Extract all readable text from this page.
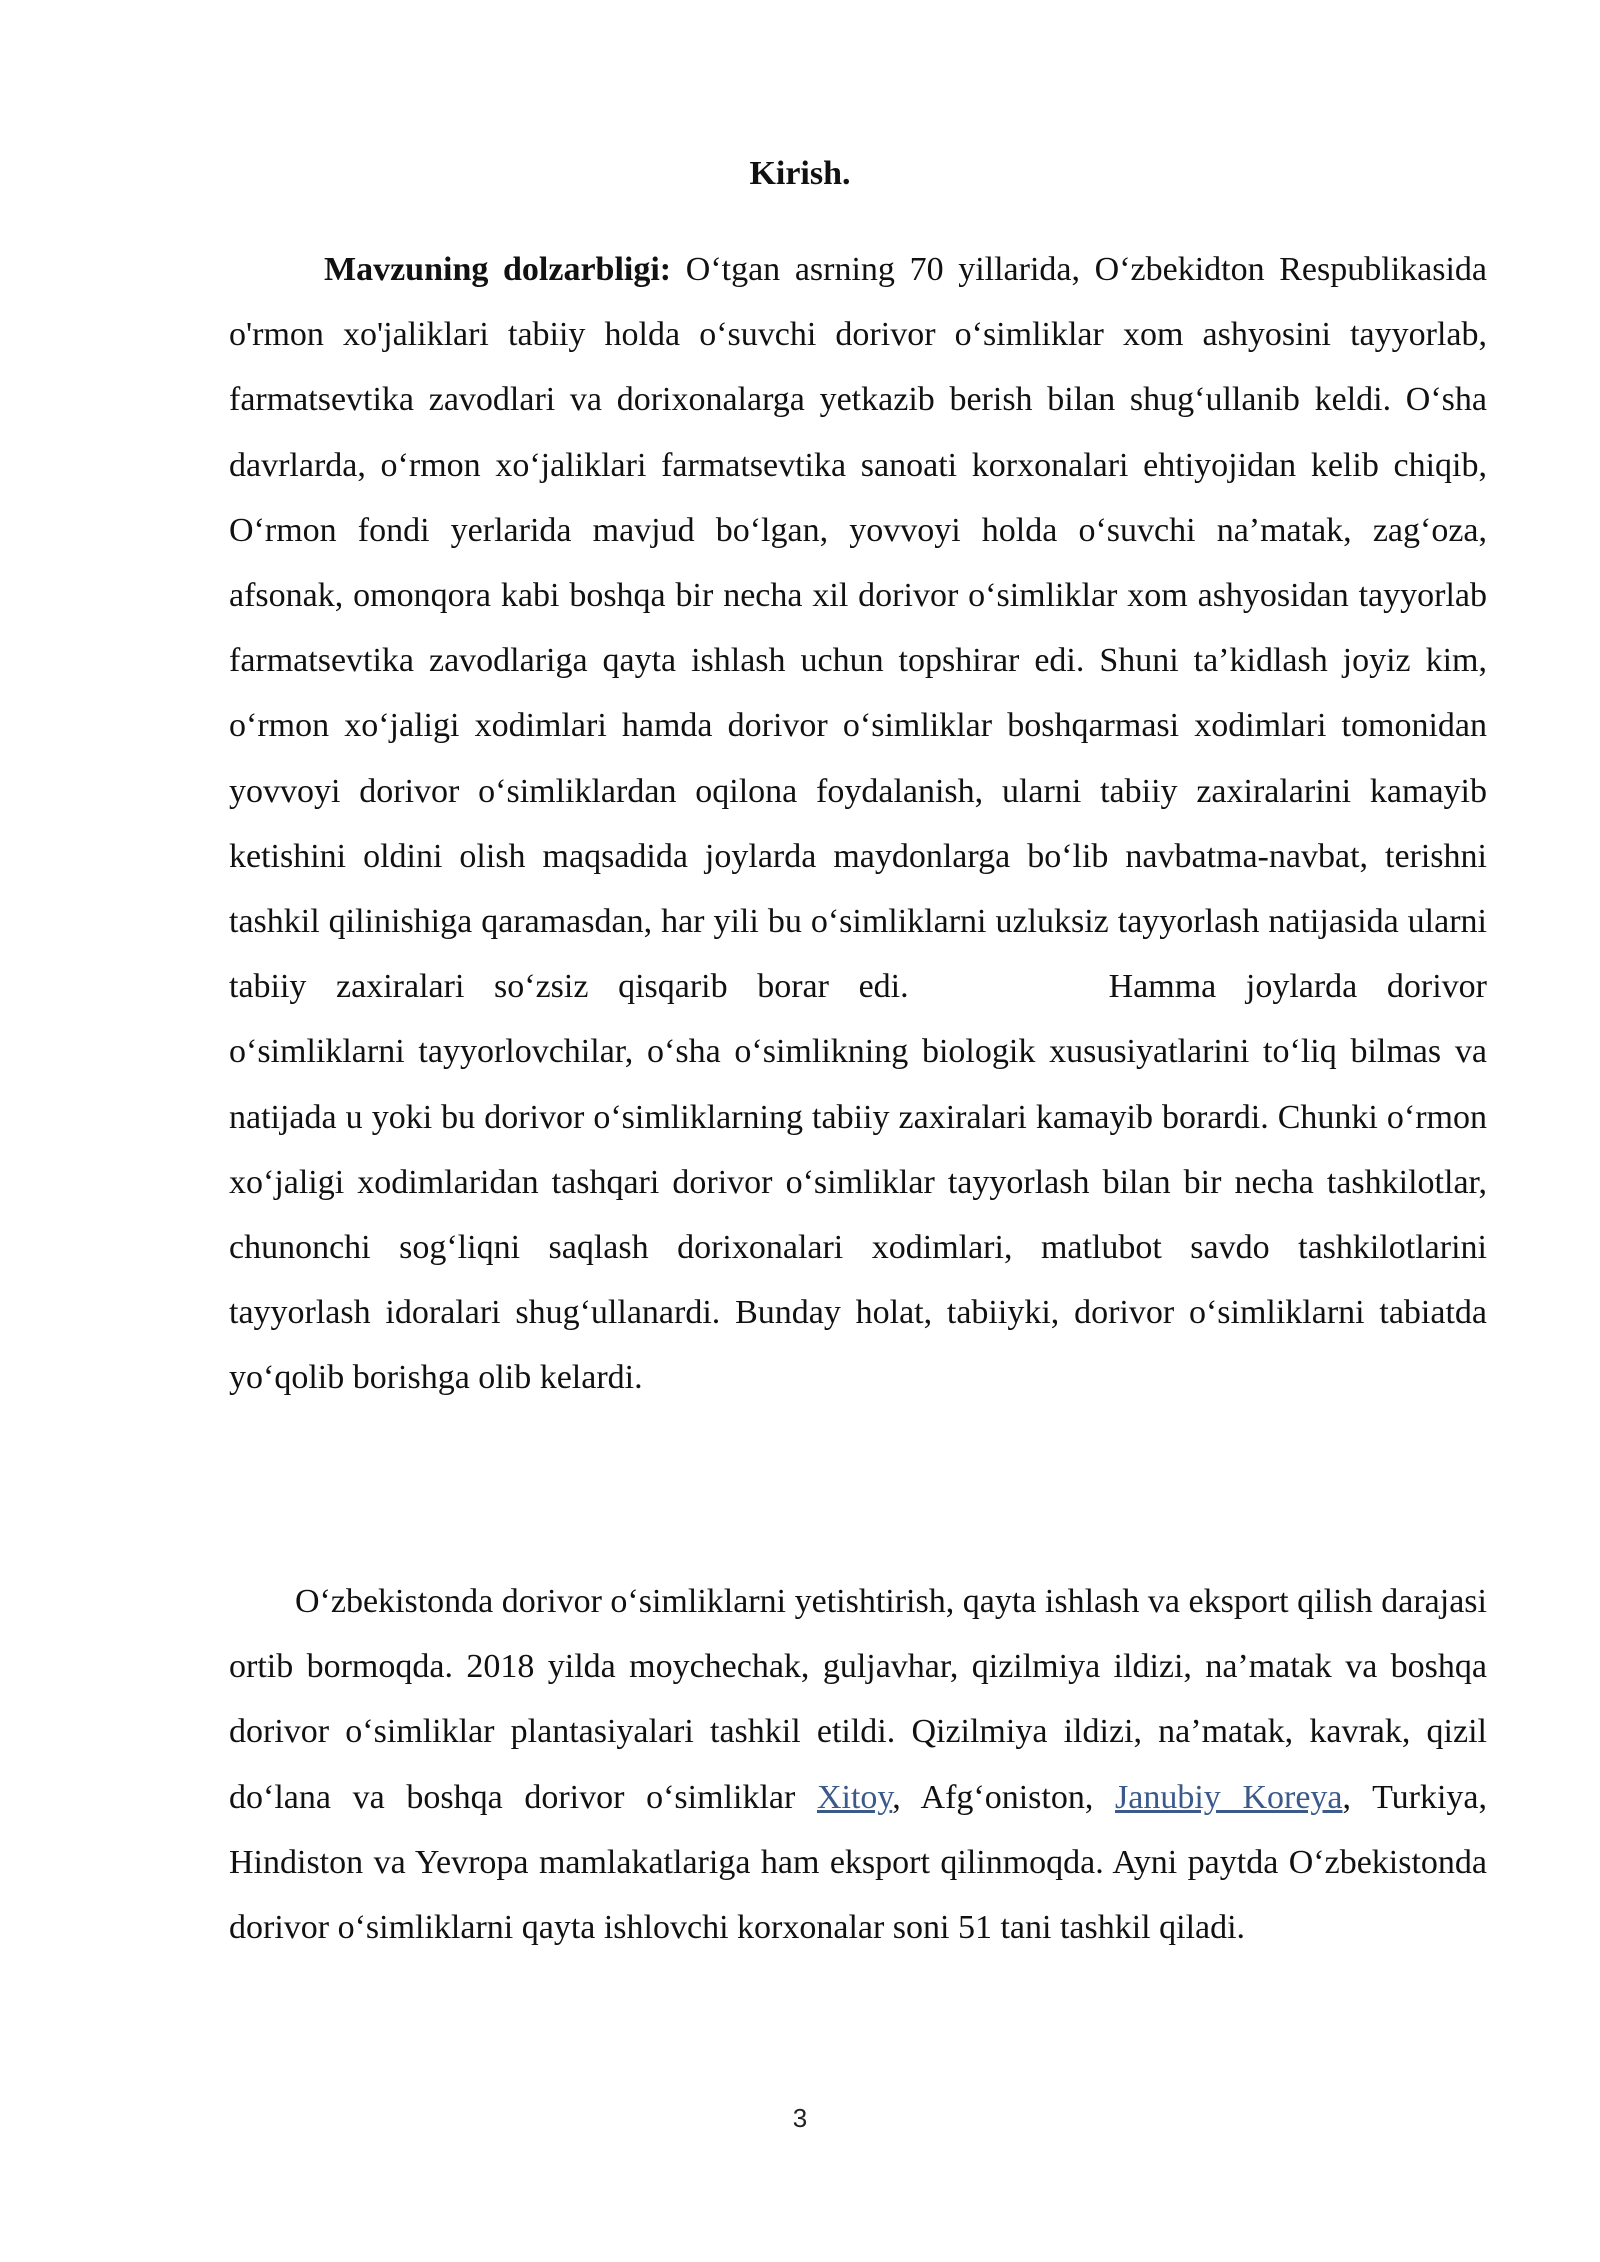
Kirish.

Mavzuning dolzarbligi: O‘tgan asrning 70 yillarida, O‘zbekidton Respublikasida o'rmon xo'jaliklari tabiiy holda o‘suvchi dorivor o‘simliklar xom ashyosini tayyorlab, farmatsevtika zavodlari va dorixonalarga yetkazib berish bilan shug‘ullanib keldi. O‘sha davrlarda, o‘rmon xo‘jaliklari farmatsevtika sanoati korxonalari ehtiyojidan kelib chiqib, O‘rmon fondi yerlarida mavjud bo‘lgan, yovvoyi holda o‘suvchi na’matak, zag‘oza, afsonak, omonqora kabi boshqa bir necha xil dorivor o‘simliklar xom ashyosidan tayyorlab farmatsevtika zavodlariga qayta ishlash uchun topshirar edi. Shuni ta’kidlash joyiz kim, o‘rmon xo‘jaligi xodimlari hamda dorivor o‘simliklar boshqarmasi xodimlari tomonidan yovvoyi dorivor o‘simliklardan oqilona foydalanish, ularni tabiiy zaxiralarini kamayib ketishini oldini olish maqsadida joylarda maydonlarga bo‘lib navbatma-navbat, terishni tashkil qilinishiga qaramasdan, har yili bu o‘simliklarni uzluksiz tayyorlash natijasida ularni tabiiy zaxiralari so‘zsiz qisqarib borar edi.	Hamma joylarda dorivor o‘simliklarni tayyorlovchilar, o‘sha o‘simlikning biologik xususiyatlarini to‘liq bilmas va natijada u yoki bu dorivor o‘simliklarning tabiiy zaxiralari kamayib borardi. Chunki o‘rmon xo‘jaligi xodimlaridan tashqari dorivor o‘simliklar tayyorlash bilan bir necha tashkilotlar, chunonchi sog‘liqni saqlash dorixonalari xodimlari, matlubot savdo tashkilotlarini tayyorlash idoralari shug‘ullanardi. Bunday holat, tabiiyki, dorivor o‘simliklarni tabiatda yo‘qolib borishga olib kelardi.

O‘zbekistonda dorivor o‘simliklarni yetishtirish, qayta ishlash va eksport qilish darajasi ortib bormoqda. 2018 yilda moychechak, guljavhar, qizilmiya ildizi, na’matak va boshqa dorivor o‘simliklar plantasiyalari tashkil etildi. Qizilmiya ildizi, na’matak, kavrak, qizil do‘lana va boshqa dorivor o‘simliklar Xitoy, Afg‘oniston, Janubiy Koreya, Turkiya, Hindiston va Yevropa mamlakatlariga ham eksport qilinmoqda. Ayni paytda O‘zbekistonda dorivor o‘simliklarni qayta ishlovchi korxonalar soni 51 tani tashkil qiladi.

3
